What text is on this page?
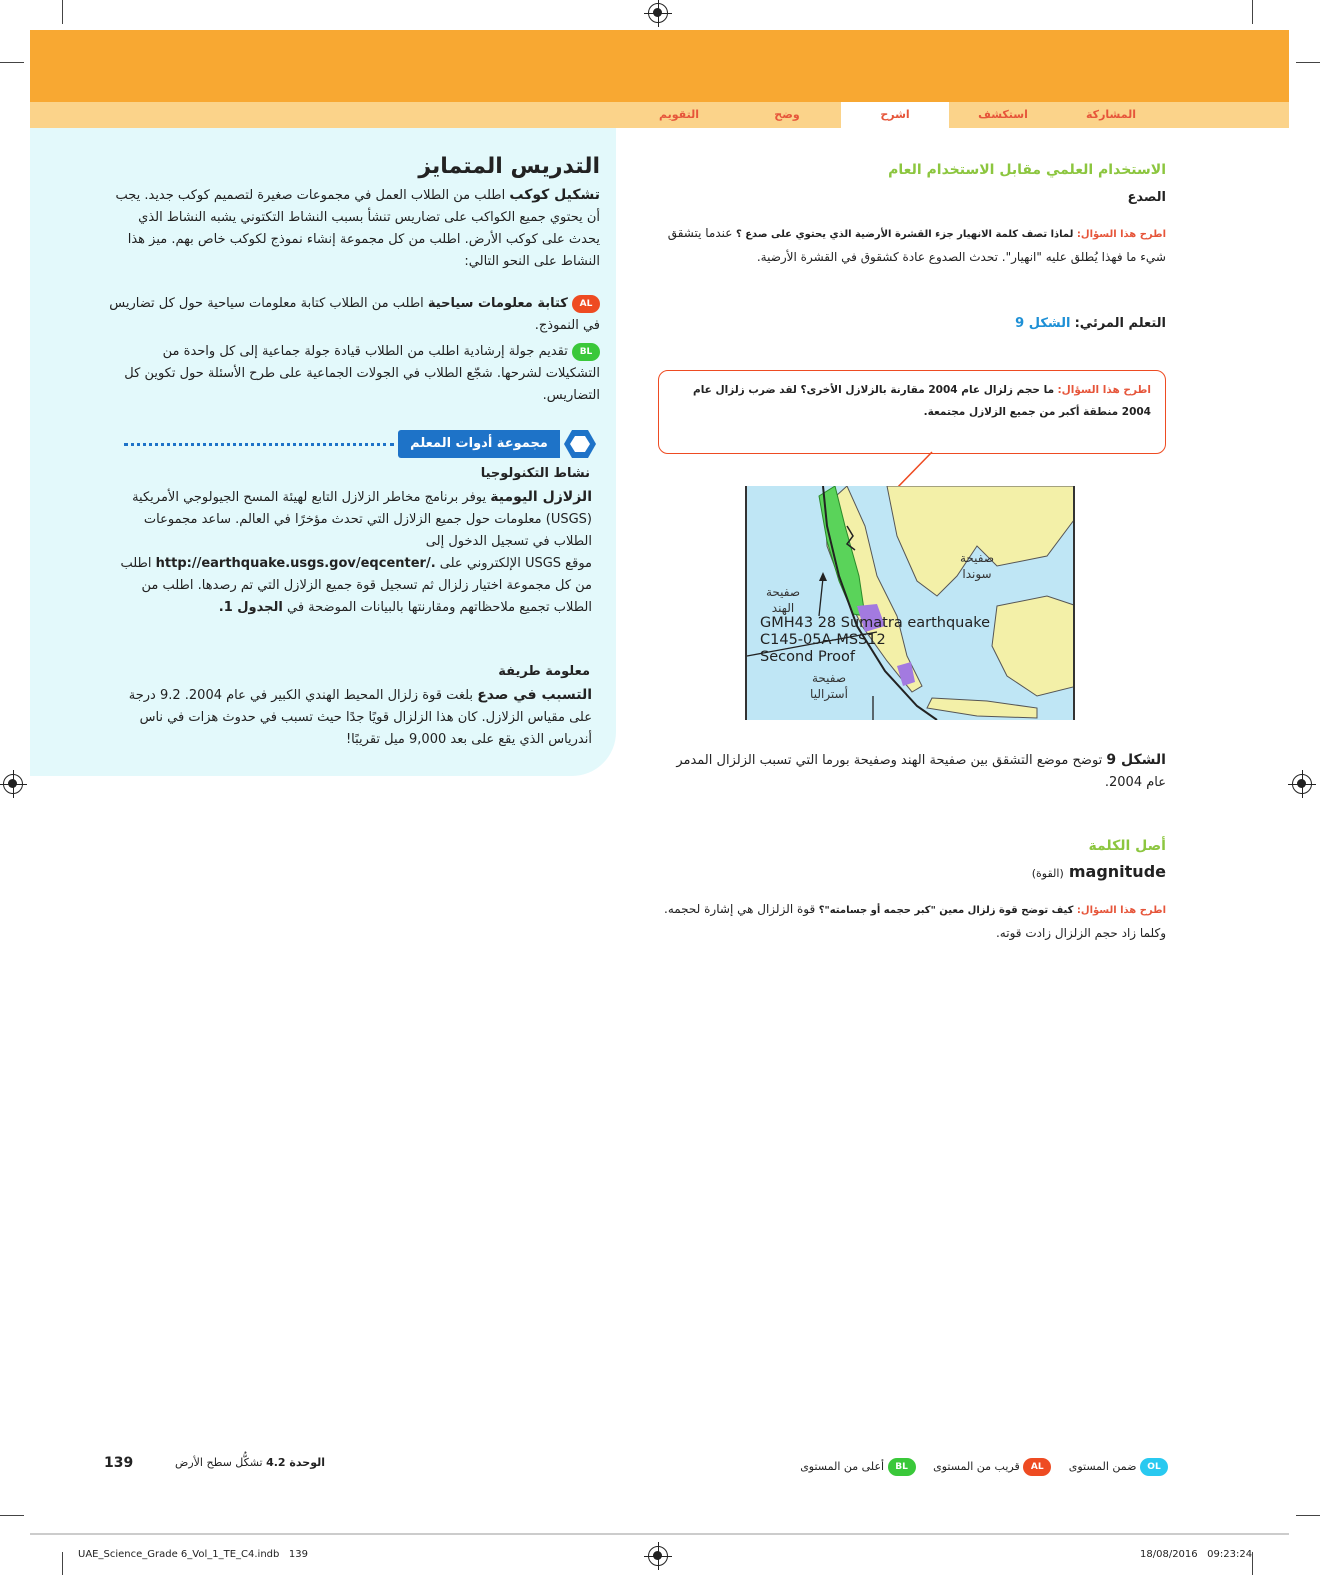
المشاركة
استكشف
اشرح
وضح
التقويم
التدريس المتمايز
تشكيل كوكب اطلب من الطلاب العمل في مجموعات صغيرة لتصميم كوكب جديد. يجب أن يحتوي جميع الكواكب على تضاريس تنشأ بسبب النشاط التكتوني يشبه النشاط الذي يحدث على كوكب الأرض. اطلب من كل مجموعة إنشاء نموذج لكوكب خاص بهم. ميز هذا النشاط على النحو التالي:
AL كتابة معلومات سياحية اطلب من الطلاب كتابة معلومات سياحية حول كل تضاريس في النموذج.
BL تقديم جولة إرشادية اطلب من الطلاب قيادة جولة جماعية إلى كل واحدة من التشكيلات لشرحها. شجّع الطلاب في الجولات الجماعية على طرح الأسئلة حول تكوين كل التضاريس.
مجموعة أدوات المعلم
نشاط التكنولوجيا
الزلازل اليومية يوفر برنامج مخاطر الزلازل التابع لهيئة المسح الجيولوجي الأمريكية (USGS) معلومات حول جميع الزلازل التي تحدث مؤخرًا في العالم. ساعد مجموعات الطلاب في تسجيل الدخول إلى
موقع USGS الإلكتروني على http://earthquake.usgs.gov/eqcenter/. اطلب من كل مجموعة اختيار زلزال ثم تسجيل قوة جميع الزلازل التي تم رصدها. اطلب من الطلاب تجميع ملاحظاتهم ومقارنتها بالبيانات الموضحة في الجدول 1.
معلومة طريفة
التسبب في صدع بلغت قوة زلزال المحيط الهندي الكبير في عام 2004. 9.2 درجة على مقياس الزلازل. كان هذا الزلزال قويًا جدًا حيث تسبب في حدوث هزات في ناس أندرياس الذي يقع على بعد 9,000 ميل تقريبًا!
الاستخدام العلمي مقابل الاستخدام العام
الصدع
اطرح هذا السؤال: لماذا تصف كلمة الانهيار جزء القشرة الأرضية الذي يحتوي على صدع ؟ عندما يتشقق شيء ما فهذا يُطلق عليه "انهيار". تحدث الصدوع عادة كشقوق في القشرة الأرضية.
التعلم المرئي: الشكل 9
اطرح هذا السؤال: ما حجم زلزال عام 2004 مقارنة بالزلازل الأخرى؟ لقد ضرب زلزال عام 2004 منطقة أكبر من جميع الزلازل مجتمعة.
صفيحة سوندا
صفيحة الهند
صفيحة أستراليا
GMH43 28 Sumatra earthquake
C145-05A-MSS12
Second Proof
الشكل 9 توضح موضع التشقق بين صفيحة الهند وصفيحة بورما التي تسبب الزلزال المدمر عام 2004.
أصل الكلمة
magnitude (القوة)
اطرح هذا السؤال: كيف توضح قوة زلزال معين "كبر حجمه أو جسامته"؟ قوة الزلزال هي إشارة لحجمه. وكلما زاد حجم الزلزال زادت قوته.
139	الوحدة 4.2 تشكُّل سطح الأرض	OL ضمن المستوى AL قريب من المستوى BL أعلى من المستوى
UAE_Science_Grade 6_Vol_1_TE_C4.indb   139	18/08/2016   09:23:24
